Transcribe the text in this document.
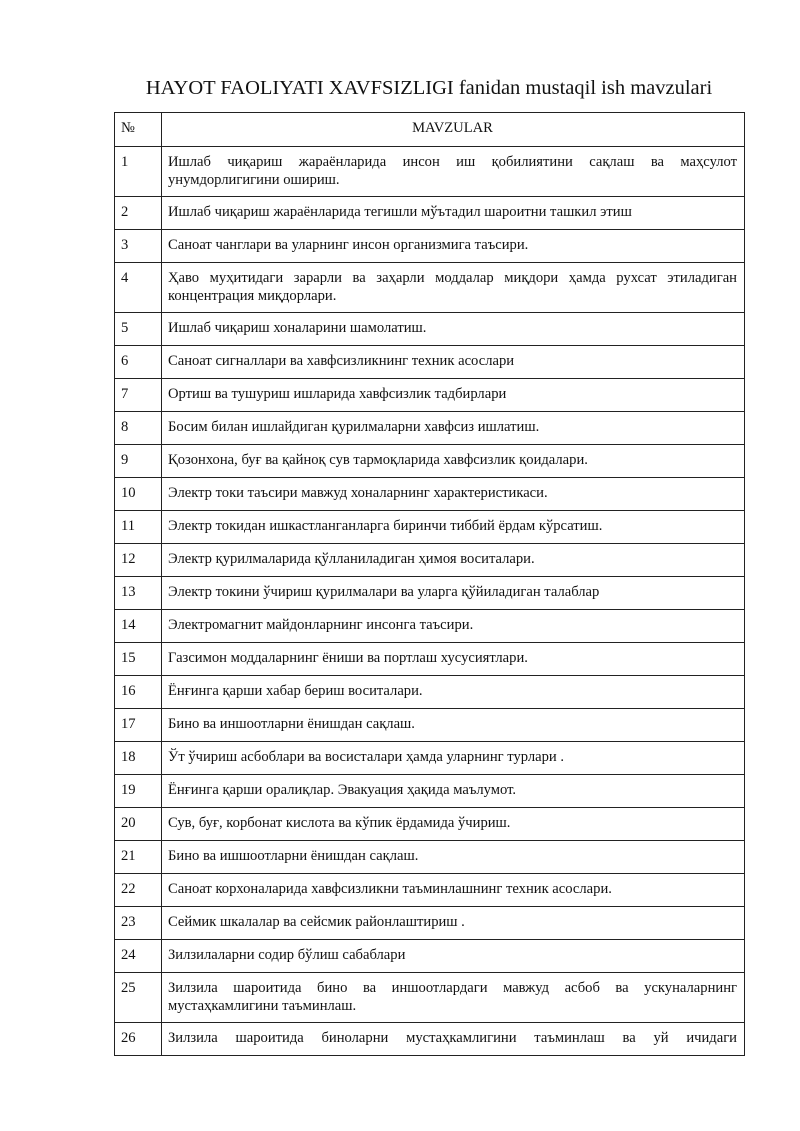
HAYOT FAOLIYATI XAVFSIZLIGI fanidan mustaqil ish mavzulari
№	MAVZULAR
1	Ишлаб чиқариш жараёнларида инсон иш қобилиятини сақлаш ва маҳсулот унумдорлигигини ошириш.
2	Ишлаб чиқариш жараёнларида тегишли мўътадил шароитни ташкил этиш
3	Саноат чанглари ва уларнинг инсон организмига таъсири.
4	Ҳаво муҳитидаги зарарли ва заҳарли моддалар миқдори ҳамда рухсат этиладиган концентрация миқдорлари.
5	Ишлаб чиқариш хоналарини шамолатиш.
6	Саноат сигналлари ва хавфсизликнинг техник асослари
7	Ортиш ва тушуриш ишларида хавфсизлик тадбирлари
8	Босим билан ишлайдиган қурилмаларни хавфсиз ишлатиш.
9	Қозонхона, буғ ва қайноқ сув тармоқларида хавфсизлик қоидалари.
10	Электр токи таъсири мавжуд хоналарнинг характеристикаси.
11	Электр токидан ишкастланганларга биринчи тиббий ёрдам кўрсатиш.
12	Электр қурилмаларида қўлланиладиган ҳимоя воситалари.
13	Электр токини ўчириш қурилмалари ва уларга қўйиладиган талаблар
14	Электромагнит майдонларнинг инсонга таъсири.
15	Газсимон моддаларнинг ёниши ва портлаш хусусиятлари.
16	Ёнғинга қарши хабар бериш воситалари.
17	Бино ва иншоотларни ёнишдан сақлаш.
18	Ўт ўчириш асбоблари ва восисталари ҳамда уларнинг турлари .
19	Ёнғинга қарши оралиқлар. Эвакуация ҳақида маълумот.
20	Сув, буғ, корбонат кислота ва кўпик ёрдамида ўчириш.
21	Бино ва ишшоотларни ёнишдан сақлаш.
22	Саноат корхоналарида хавфсизликни таъминлашнинг техник асослари.
23	Сеймик шкалалар ва сейсмик районлаштириш .
24	Зилзилаларни содир бўлиш сабаблари
25	Зилзила шароитида бино ва иншоотлардаги мавжуд асбоб ва ускуналарнинг мустаҳкамлигини таъминлаш.
26	Зилзила шароитида биноларни мустаҳкамлигини таъминлаш ва уй ичидаги
